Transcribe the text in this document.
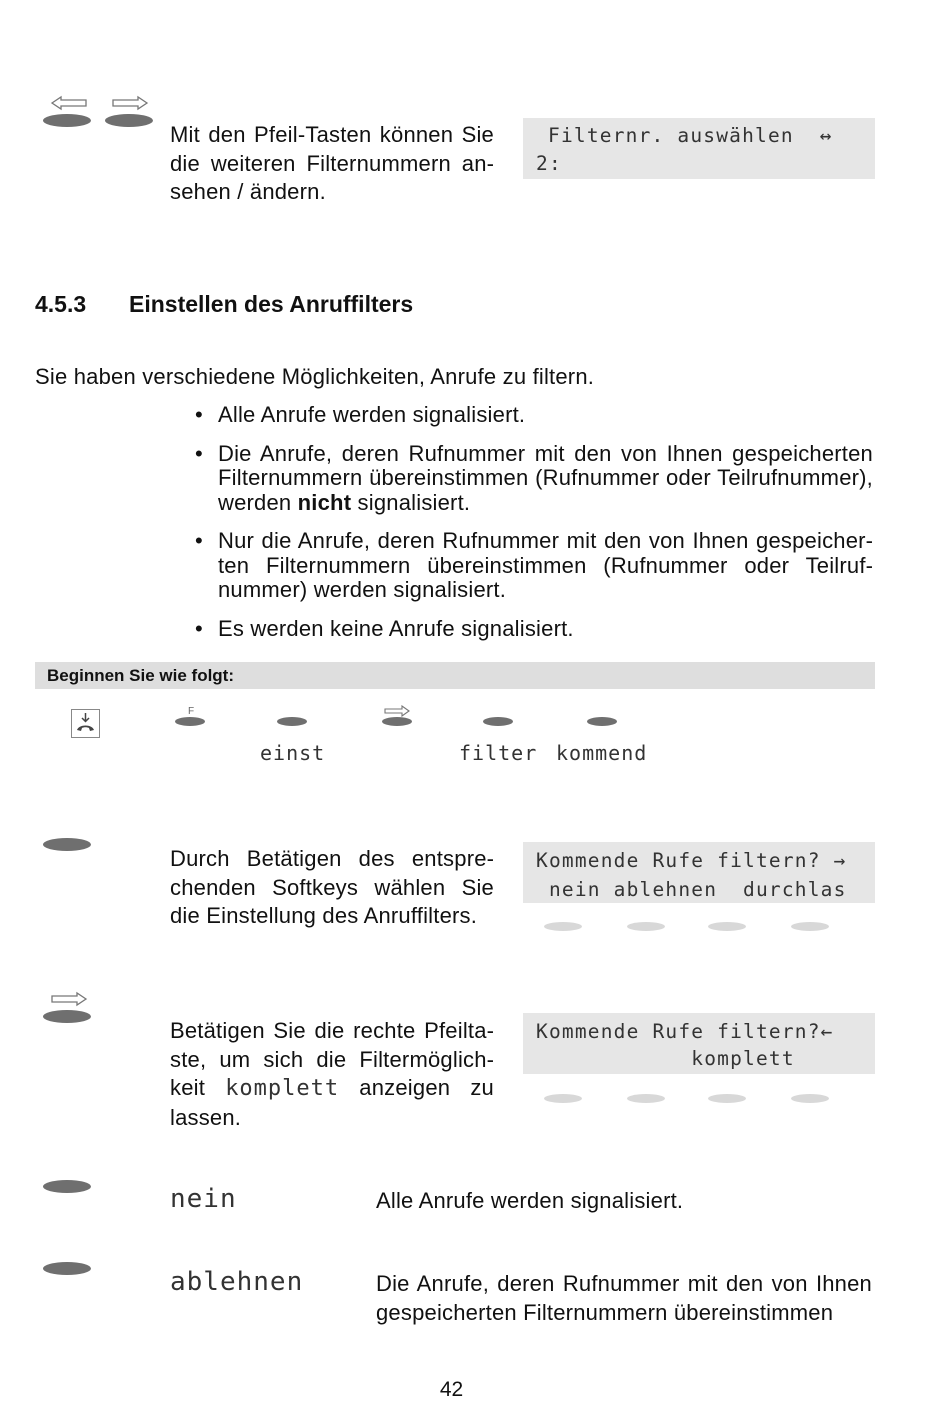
Mit den Pfeil-Tasten können Sie die weiteren Filternummern ansehen / ändern.

Filternr. auswählen  ↔

2:

4.5.3 Einstellen des Anruffilters
Sie haben verschiedene Möglichkeiten, Anrufe zu filtern.
• Alle Anrufe werden signalisiert.
• Die Anrufe, deren Rufnummer mit den von Ihnen gespeicherten Filternummern übereinstimmen (Rufnummer oder Teilrufnummer), werden nicht signalisiert.
• Nur die Anrufe, deren Rufnummer mit den von Ihnen gespeicherten Filternummern übereinstimmen (Rufnummer oder Teilrufnummer) werden signalisiert.
• Es werden keine Anrufe signalisiert.
Beginnen Sie wie folgt:
F
einst	filter kommend
Durch Betätigen des entsprechenden Softkeys wählen Sie die Einstellung des Anruffilters.

Kommende Rufe filtern? →

nein ablehnen  durchlas

Betätigen Sie die rechte Pfeiltaste, um sich die Filtermöglichkeit komplett anzeigen zu lassen.

Kommende Rufe filtern?←

komplett

nein	Alle Anrufe werden signalisiert.
ablehnen	Die Anrufe, deren Rufnummer mit den von Ihnen gespeicherten Filternummern übereinstimmen
42
